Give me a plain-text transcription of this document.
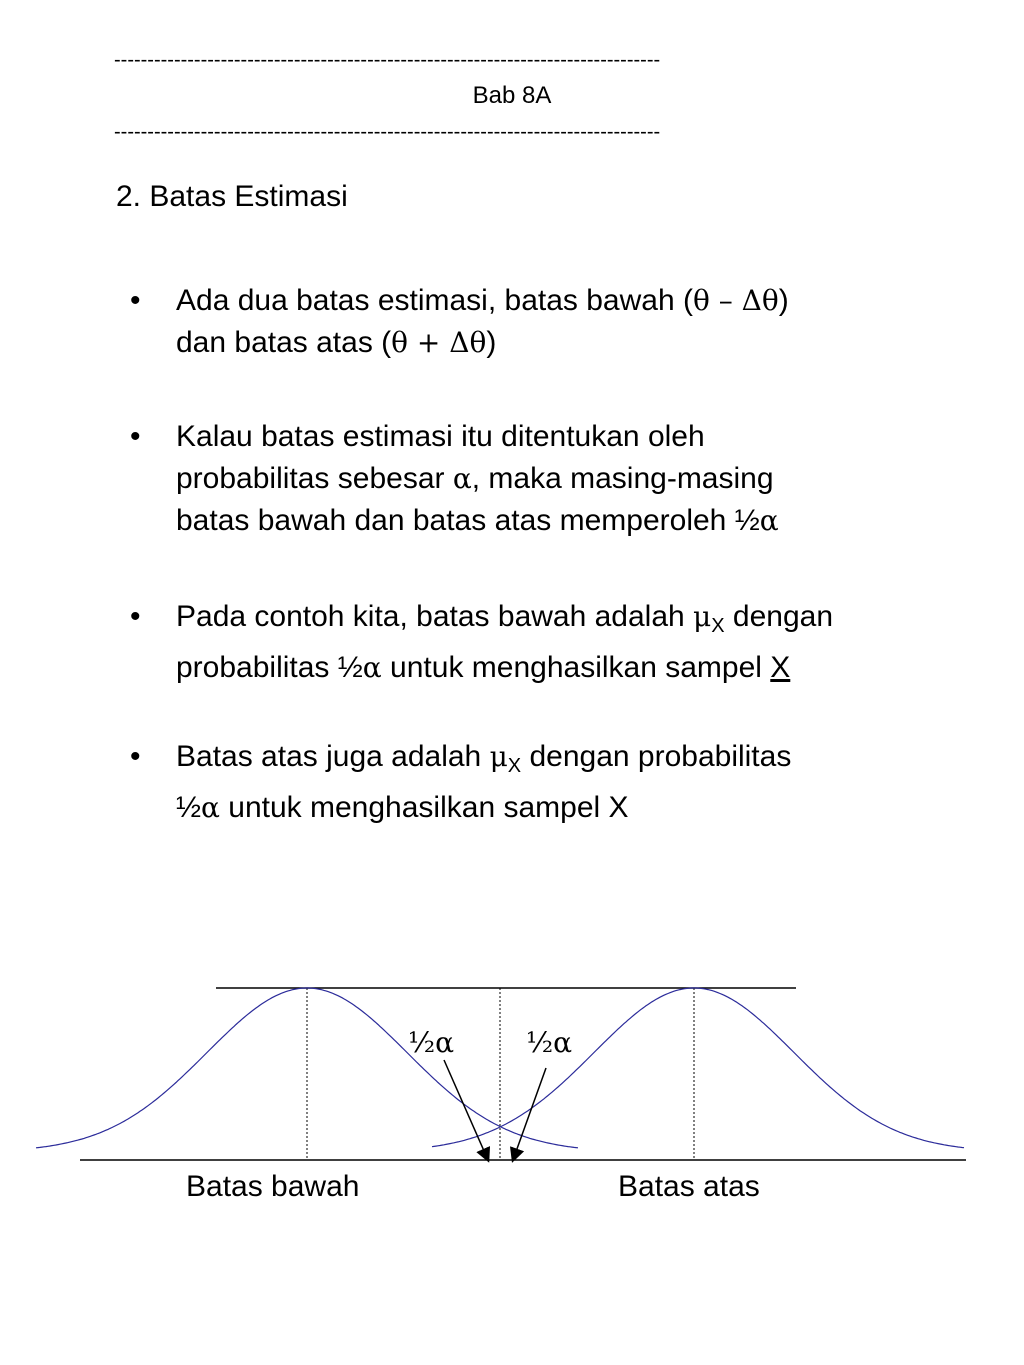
----------------------------------------------------------------------------------
Bab 8A
----------------------------------------------------------------------------------
2. Batas Estimasi
•	Ada dua batas estimasi, batas bawah (θ – Δθ)
dan batas atas (θ + Δθ)
•	Kalau batas estimasi itu ditentukan oleh
probabilitas sebesar α, maka masing-masing
batas bawah dan batas atas memperoleh ½α
•	Pada contoh kita, batas bawah adalah $\mu_X$ dengan
probabilitas ½α untuk menghasilkan sampel X
•	Batas atas juga adalah $\mu_X$ dengan probabilitas
½α untuk menghasilkan sampel X
½α	½α
Batas bawah	Batas atas
